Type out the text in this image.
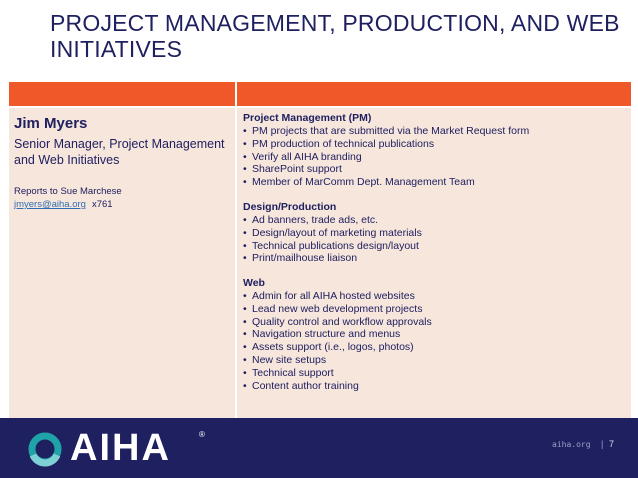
PROJECT MANAGEMENT, PRODUCTION, AND WEB INITIATIVES
Jim Myers
Senior Manager, Project Management and Web Initiatives
Reports to Sue Marchese
jmyers@aiha.org x761
Project Management (PM)
• PM projects that are submitted via the Market Request form
• PM production of technical publications
• Verify all AIHA branding
• SharePoint support
• Member of MarComm Dept. Management Team
Design/Production
• Ad banners, trade ads, etc.
• Design/layout of marketing materials
• Technical publications design/layout
• Print/mailhouse liaison
Web
• Admin for all AIHA hosted websites
• Lead new web development projects
• Quality control and workflow approvals
• Navigation structure and menus
• Assets support (i.e., logos, photos)
• New site setups
• Technical support
• Content author training
AIHA	®
aiha.org | 7
